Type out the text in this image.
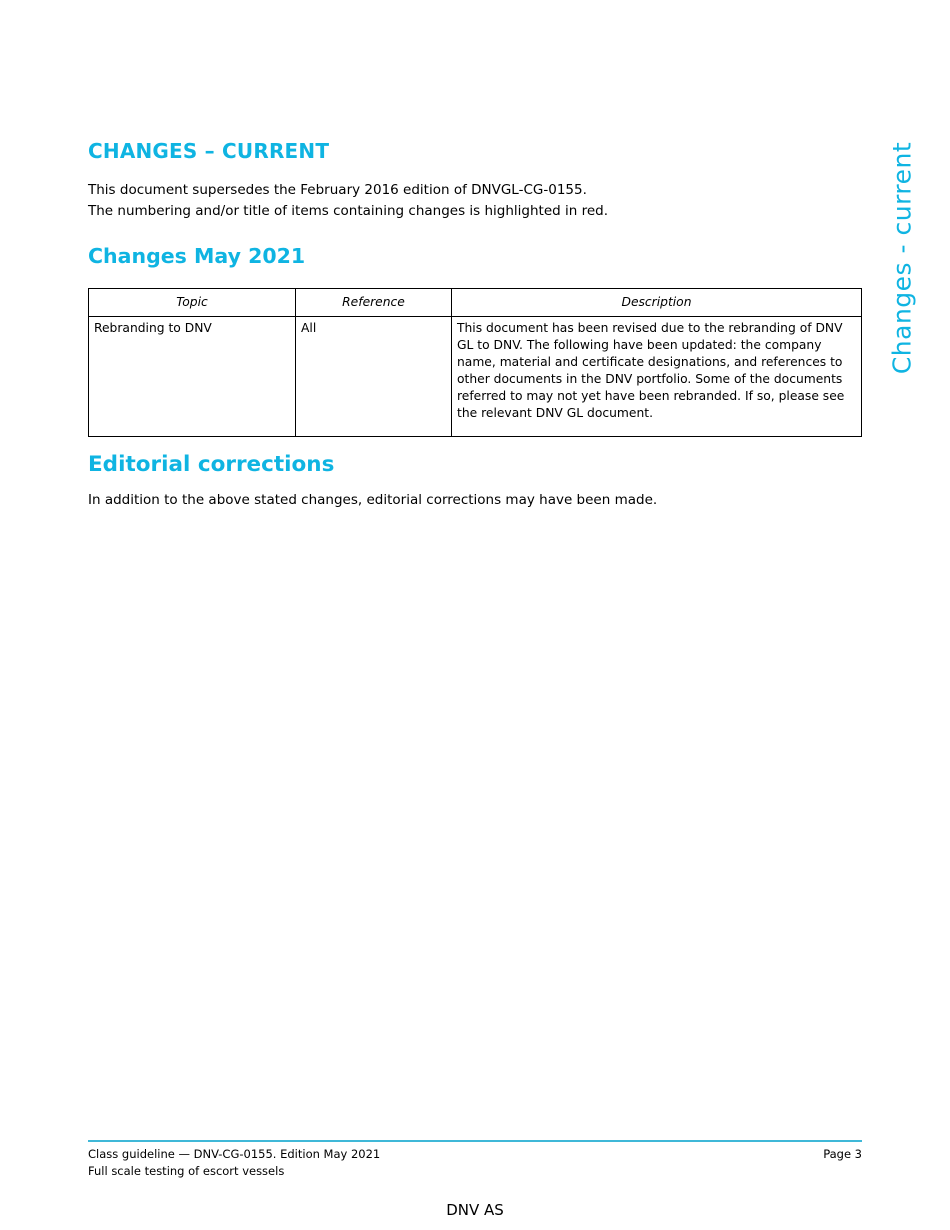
CHANGES – CURRENT

This document supersedes the February 2016 edition of DNVGL-CG-0155.

The numbering and/or title of items containing changes is highlighted in red.

Changes May 2021
Topic	Reference	Description
Rebranding to DNV	All	This document has been revised due to the rebranding of DNV GL to DNV. The following have been updated: the company name, material and certificate designations, and references to other documents in the DNV portfolio. Some of the documents referred to may not yet have been rebranded. If so, please see the relevant DNV GL document.
Editorial corrections

In addition to the above stated changes, editorial corrections may have been made.

Changes - current
Class guideline — DNV-CG-0155. Edition May 2021
Full scale testing of escort vessels
Page 3
DNV AS
